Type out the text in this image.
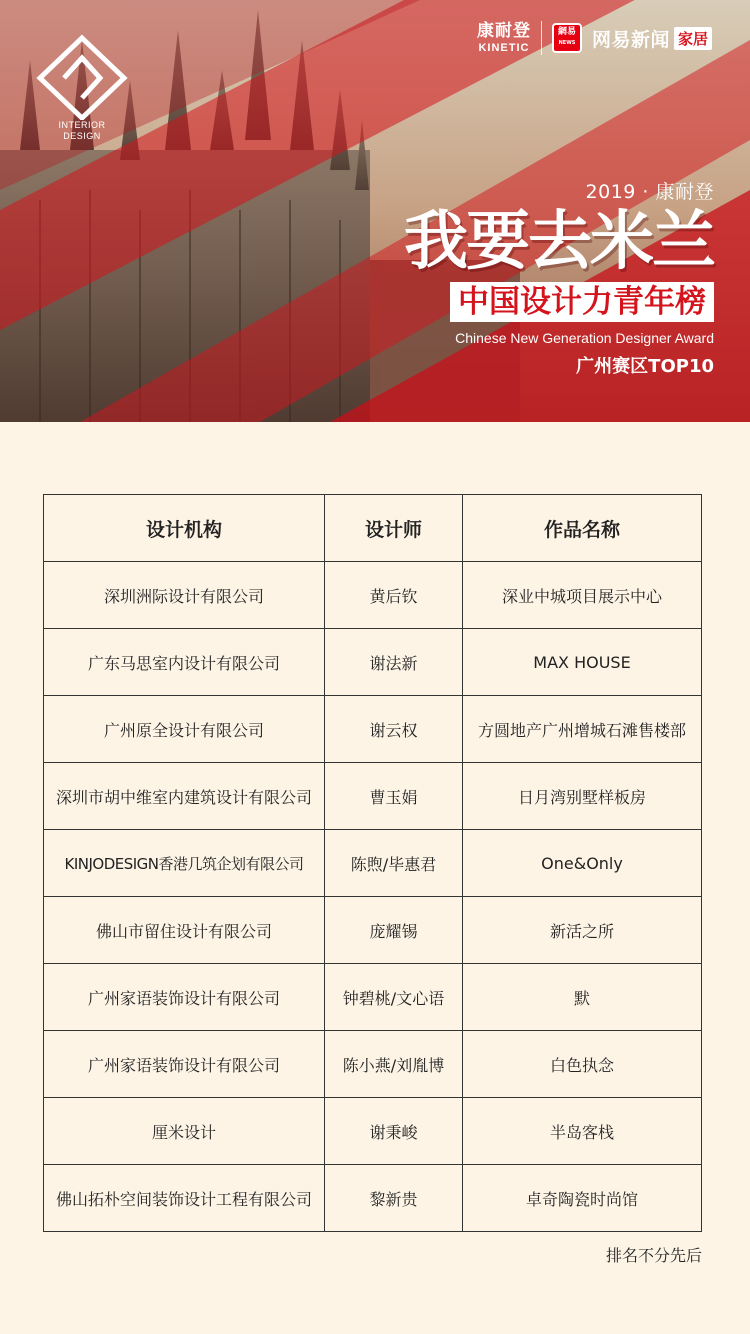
INTERIOR
DESIGN
康耐登
KINETIC
網易
NEWS 网易新闻 家居
2019 · 康耐登
我要去米兰
中国设计力青年榜
Chinese New Generation Designer Award
广州赛区TOP10
设计机构	设计师	作品名称
深圳洲际设计有限公司	黄后钦	深业中城项目展示中心
广东马思室内设计有限公司	谢法新	MAX HOUSE
广州原全设计有限公司	谢云权	方圆地产广州增城石滩售楼部
深圳市胡中维室内建筑设计有限公司	曹玉娟	日月湾别墅样板房
KINJODESIGN香港几筑企划有限公司	陈煦/毕惠君	One&Only
佛山市留住设计有限公司	庞耀锡	新活之所
广州家语装饰设计有限公司	钟碧桃/文心语	默
广州家语装饰设计有限公司	陈小燕/刘胤博	白色执念
厘米设计	谢秉峻	半岛客栈
佛山拓朴空间装饰设计工程有限公司	黎新贵	卓奇陶瓷时尚馆
排名不分先后
